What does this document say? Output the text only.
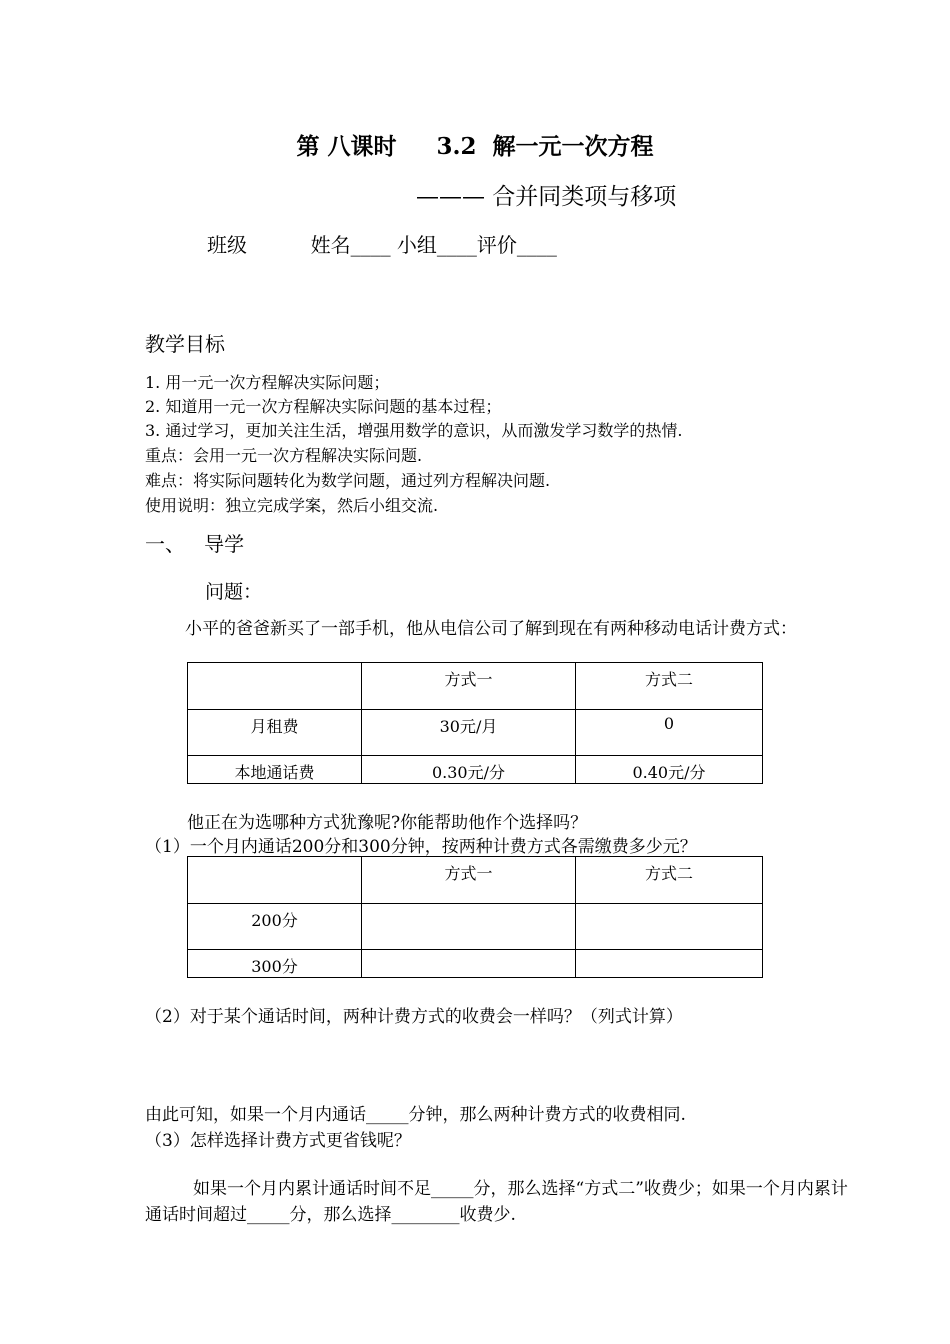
第 八课时     3.2  解一元一次方程
——— 合并同类项与移项
班级          姓名____ 小组____评价____
教学目标
1. 用一元一次方程解决实际问题；
2. 知道用一元一次方程解决实际问题的基本过程；
3. 通过学习，更加关注生活，增强用数学的意识，从而激发学习数学的热情.
重点：会用一元一次方程解决实际问题.
难点：将实际问题转化为数学问题，通过列方程解决问题.
使用说明：独立完成学案，然后小组交流.
一、   导学
问题：
小平的爸爸新买了一部手机，他从电信公司了解到现在有两种移动电话计费方式：
	方式一	方式二
月租费	30元/月	0
本地通话费	0.30元/分	0.40元/分
他正在为选哪种方式犹豫呢?你能帮助他作个选择吗？
（1）一个月内通话200分和300分钟，按两种计费方式各需缴费多少元？
	方式一	方式二
200分		
300分		
（2）对于某个通话时间，两种计费方式的收费会一样吗？（列式计算）
由此可知，如果一个月内通话_____分钟，那么两种计费方式的收费相同.
（3）怎样选择计费方式更省钱呢？
如果一个月内累计通话时间不足_____分，那么选择“方式二”收费少；如果一个月内累计通话时间超过_____分，那么选择________收费少.
